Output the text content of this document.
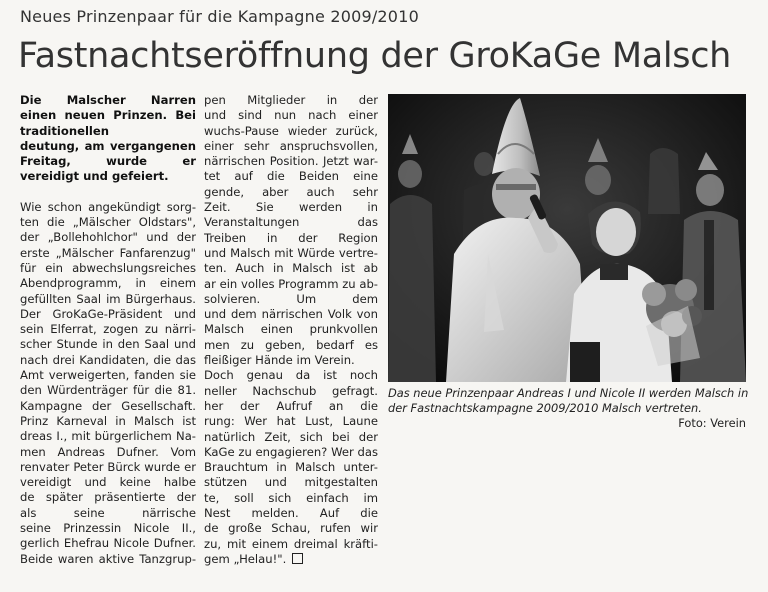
Neues Prinzenpaar für die Kampagne 2009/2010
Fastnachtseröffnung der GroKaGe Malsch
Die Malscher Narren
einen neuen Prinzen. Bei
traditionellen
deutung, am vergangenen
Freitag, wurde er
vereidigt und gefeiert.
Wie schon angekündigt sorg-
ten die „Mälscher Oldstars",
der „Bollehohlchor" und der
erste „Mälscher Fanfarenzug"
für ein abwechslungsreiches
Abendprogramm, in einem
gefüllten Saal im Bürgerhaus.
Der GroKaGe-Präsident und
sein Elferrat, zogen zu närri-
scher Stunde in den Saal und
nach drei Kandidaten, die das
Amt verweigerten, fanden sie
den Würdenträger für die 81.
Kampagne der Gesellschaft.
Prinz Karneval in Malsch ist
dreas I., mit bürgerlichem Na-
men Andreas Dufner. Vom
renvater Peter Bürck wurde er
vereidigt und keine halbe
de später präsentierte der
als seine närrische
seine Prinzessin Nicole II.,
gerlich Ehefrau Nicole Dufner.
Beide waren aktive Tanzgrup-
pen Mitglieder in der
und sind nun nach einer
wuchs-Pause wieder zurück,
einer sehr anspruchsvollen,
närrischen Position. Jetzt war-
tet auf die Beiden eine
gende, aber auch sehr
Zeit. Sie werden in
Veranstaltungen das
Treiben in der Region
und Malsch mit Würde vertre-
ten. Auch in Malsch ist ab
ar ein volles Programm zu ab-
solvieren. Um dem
und dem närrischen Volk von
Malsch einen prunkvollen
men zu geben, bedarf es
fleißiger Hände im Verein.
Doch genau da ist noch
neller Nachschub gefragt.
her der Aufruf an die
rung: Wer hat Lust, Laune
natürlich Zeit, sich bei der
KaGe zu engagieren? Wer das
Brauchtum in Malsch unter-
stützen und mitgestalten
te, soll sich einfach im
Nest melden. Auf die
de große Schau, rufen wir
zu, mit einem dreimal kräfti-
gem „Helau!".
Das neue Prinzenpaar Andreas I und Nicole II werden Malsch in
der Fastnachtskampagne 2009/2010 Malsch vertreten.
Foto: Verein
